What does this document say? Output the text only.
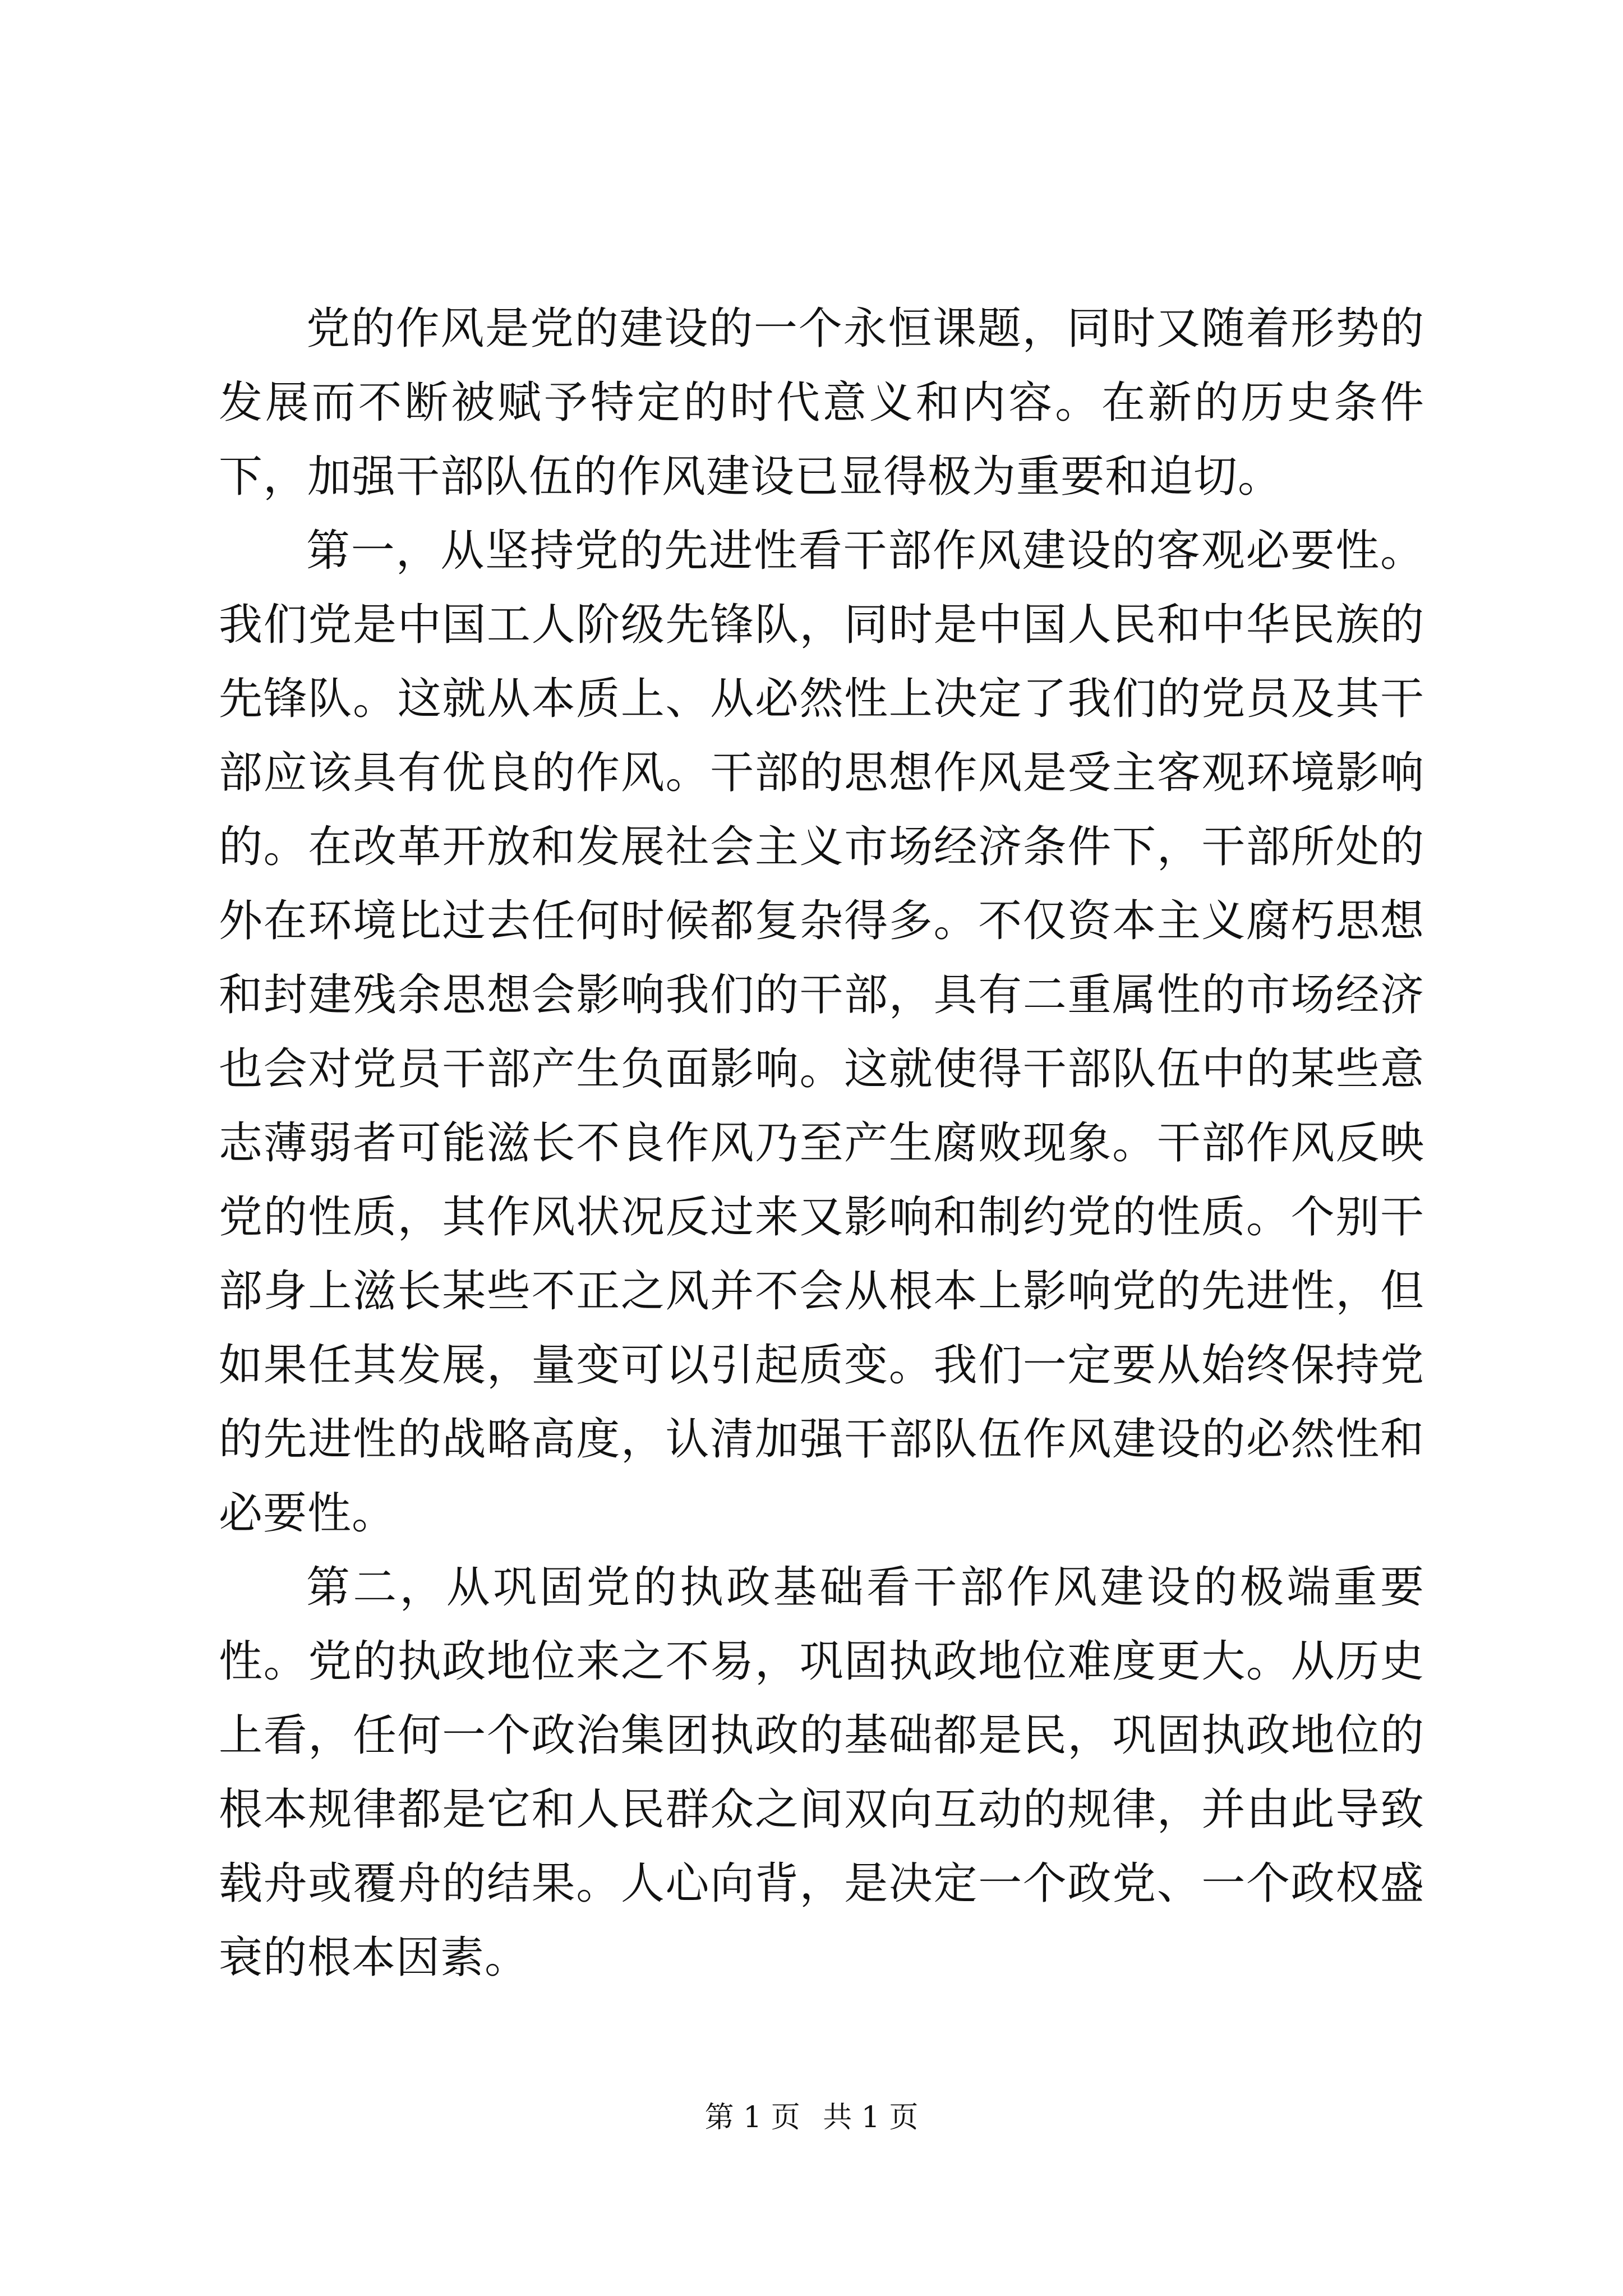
党的作风是党的建设的一个永恒课题，同时又随着形势的发展而不断被赋予特定的时代意义和内容。在新的历史条件下，加强干部队伍的作风建设已显得极为重要和迫切。

第一，从坚持党的先进性看干部作风建设的客观必要性。我们党是中国工人阶级先锋队，同时是中国人民和中华民族的先锋队。这就从本质上、从必然性上决定了我们的党员及其干部应该具有优良的作风。干部的思想作风是受主客观环境影响的。在改革开放和发展社会主义市场经济条件下，干部所处的外在环境比过去任何时候都复杂得多。不仅资本主义腐朽思想和封建残余思想会影响我们的干部，具有二重属性的市场经济也会对党员干部产生负面影响。这就使得干部队伍中的某些意志薄弱者可能滋长不良作风乃至产生腐败现象。干部作风反映党的性质，其作风状况反过来又影响和制约党的性质。个别干部身上滋长某些不正之风并不会从根本上影响党的先进性，但如果任其发展，量变可以引起质变。我们一定要从始终保持党的先进性的战略高度，认清加强干部队伍作风建设的必然性和必要性。

第二，从巩固党的执政基础看干部作风建设的极端重要性。党的执政地位来之不易，巩固执政地位难度更大。从历史上看，任何一个政治集团执政的基础都是民，巩固执政地位的根本规律都是它和人民群众之间双向互动的规律，并由此导致载舟或覆舟的结果。人心向背，是决定一个政党、一个政权盛衰的根本因素。

第 1 页 共 1 页
